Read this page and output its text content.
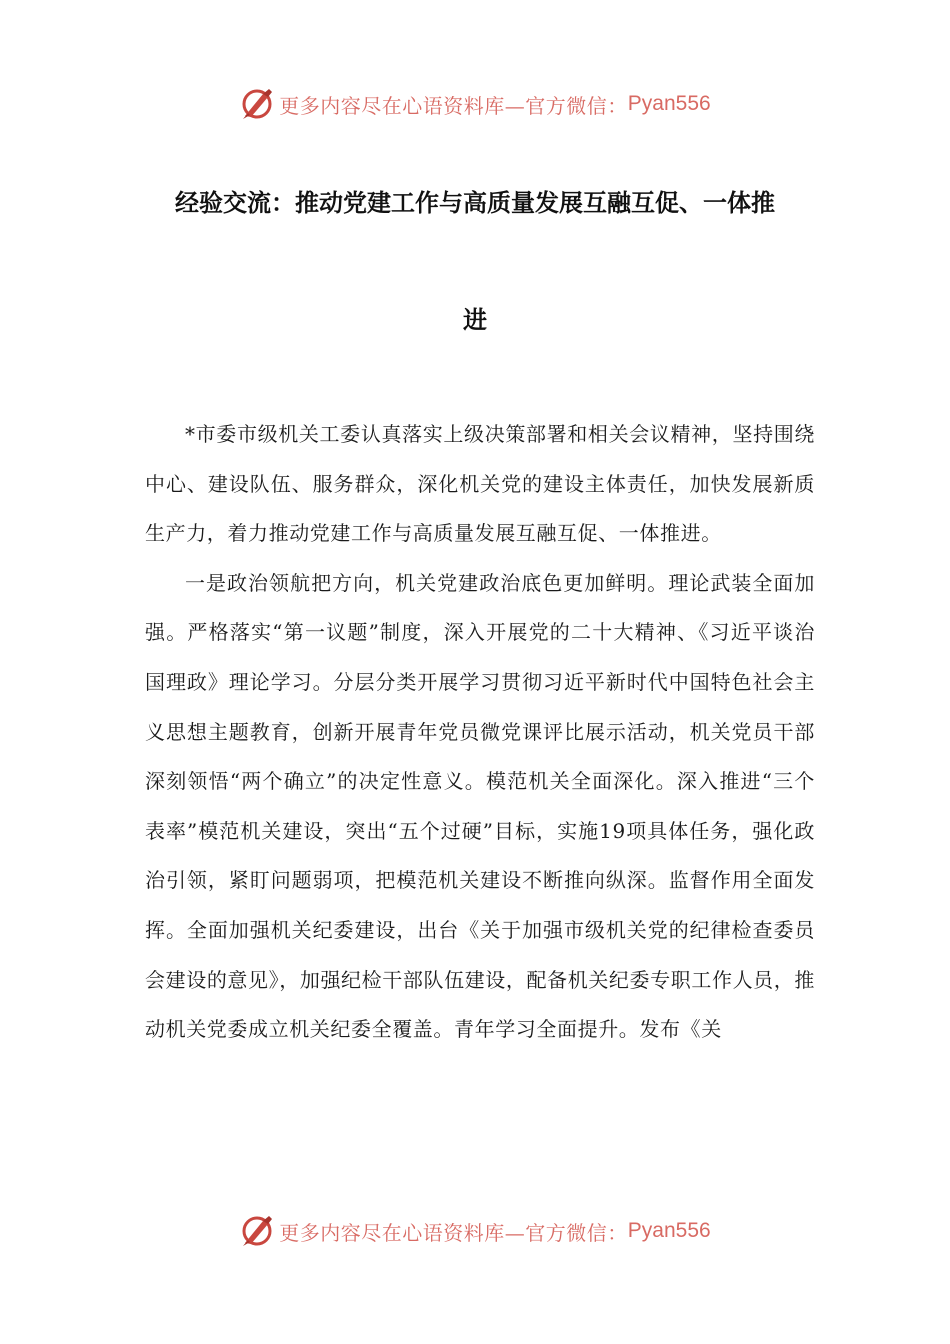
更多内容尽在心语资料库—官方微信： Pyan556
经验交流：推动党建工作与高质量发展互融互促、一体推
进

*市委市级机关工委认真落实上级决策部署和相关会议精神，坚持围绕中心、建设队伍、服务群众，深化机关党的建设主体责任，加快发展新质生产力，着力推动党建工作与高质量发展互融互促、一体推进。

一是政治领航把方向，机关党建政治底色更加鲜明。理论武装全面加强。严格落实“第一议题”制度，深入开展党的二十大精神、《习近平谈治国理政》理论学习。分层分类开展学习贯彻习近平新时代中国特色社会主义思想主题教育，创新开展青年党员微党课评比展示活动，机关党员干部深刻领悟“两个确立”的决定性意义。模范机关全面深化。深入推进“三个表率”模范机关建设，突出“五个过硬”目标，实施19项具体任务，强化政治引领，紧盯问题弱项，把模范机关建设不断推向纵深。监督作用全面发挥。全面加强机关纪委建设，出台《关于加强市级机关党的纪律检查委员会建设的意见》，加强纪检干部队伍建设，配备机关纪委专职工作人员，推动机关党委成立机关纪委全覆盖。青年学习全面提升。发布《关

更多内容尽在心语资料库—官方微信： Pyan556
